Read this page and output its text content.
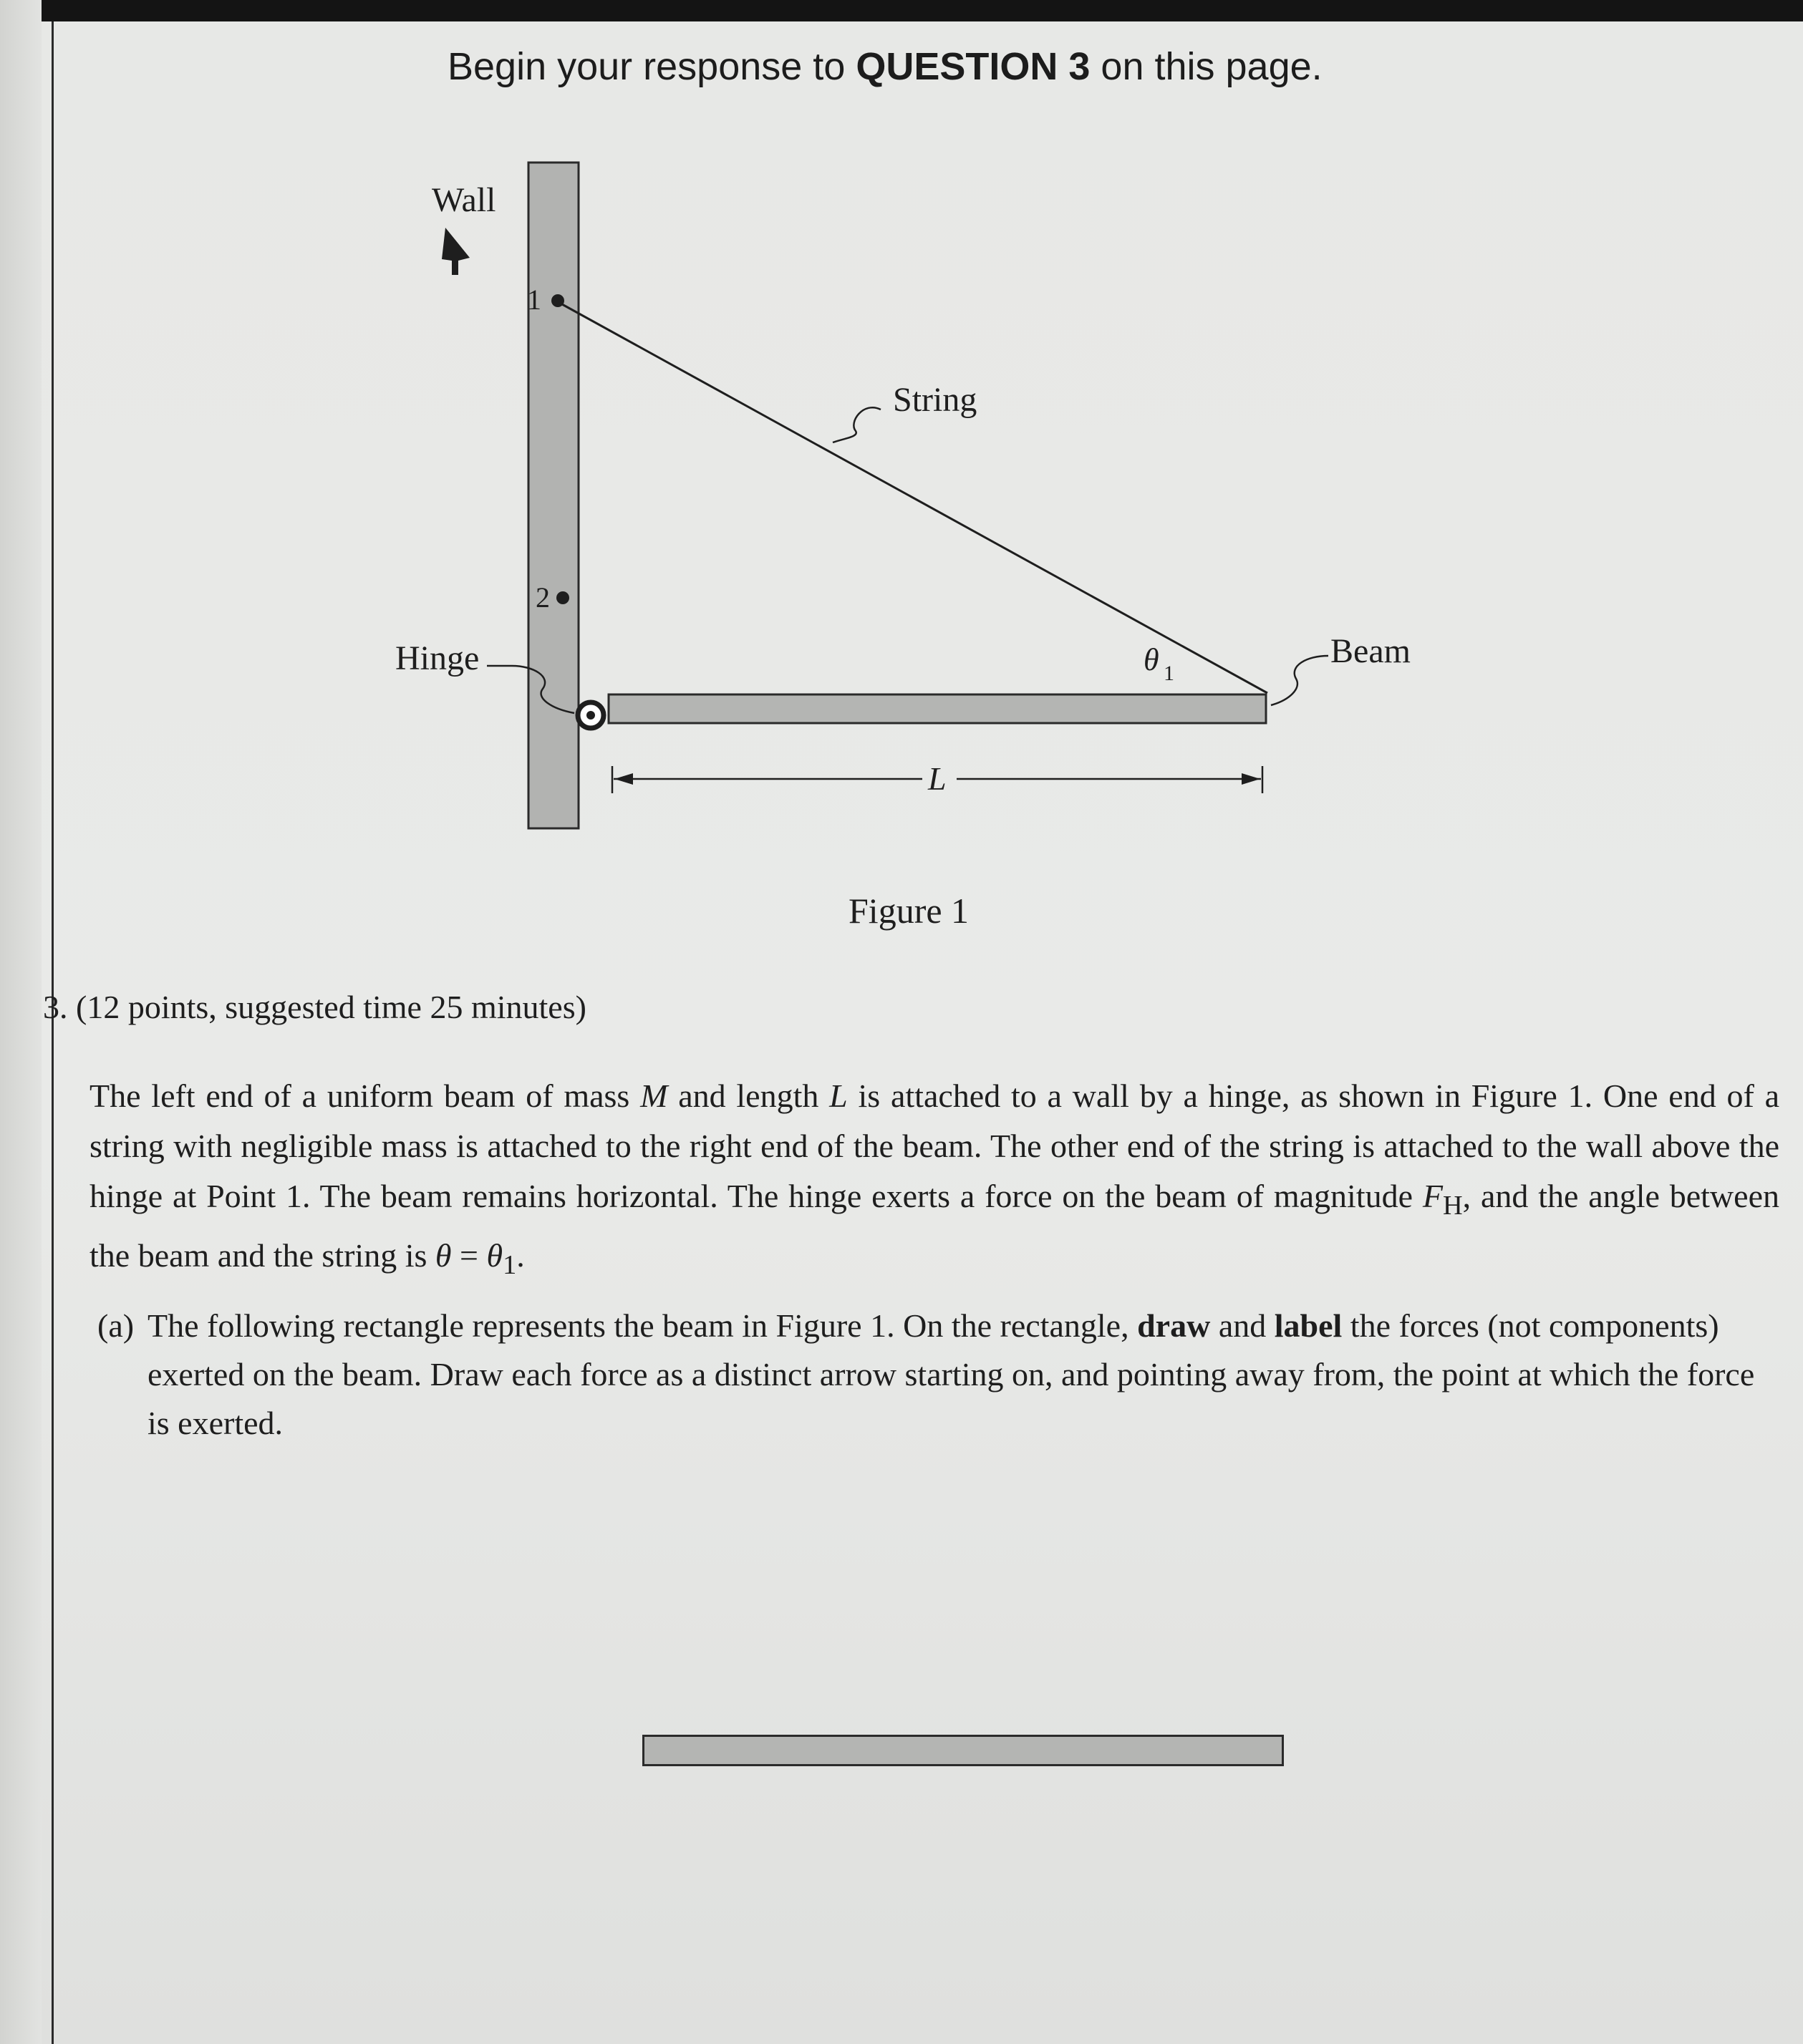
Begin your response to QUESTION 3 on this page.
Wall
1
2
String
Hinge	Beam
θ 1
L
Figure 1
3. (12 points, suggested time 25 minutes)
The left end of a uniform beam of mass M and length L is attached to a wall by a hinge, as shown in Figure 1. One end of a string with negligible mass is attached to the right end of the beam. The other end of the string is attached to the wall above the hinge at Point 1. The beam remains horizontal. The hinge exerts a force on the beam of magnitude $F_H$, and the angle between the beam and the string is $\theta = \theta_1$.
(a) The following rectangle represents the beam in Figure 1. On the rectangle, draw and label the forces (not components) exerted on the beam. Draw each force as a distinct arrow starting on, and pointing away from, the point at which the force is exerted.
